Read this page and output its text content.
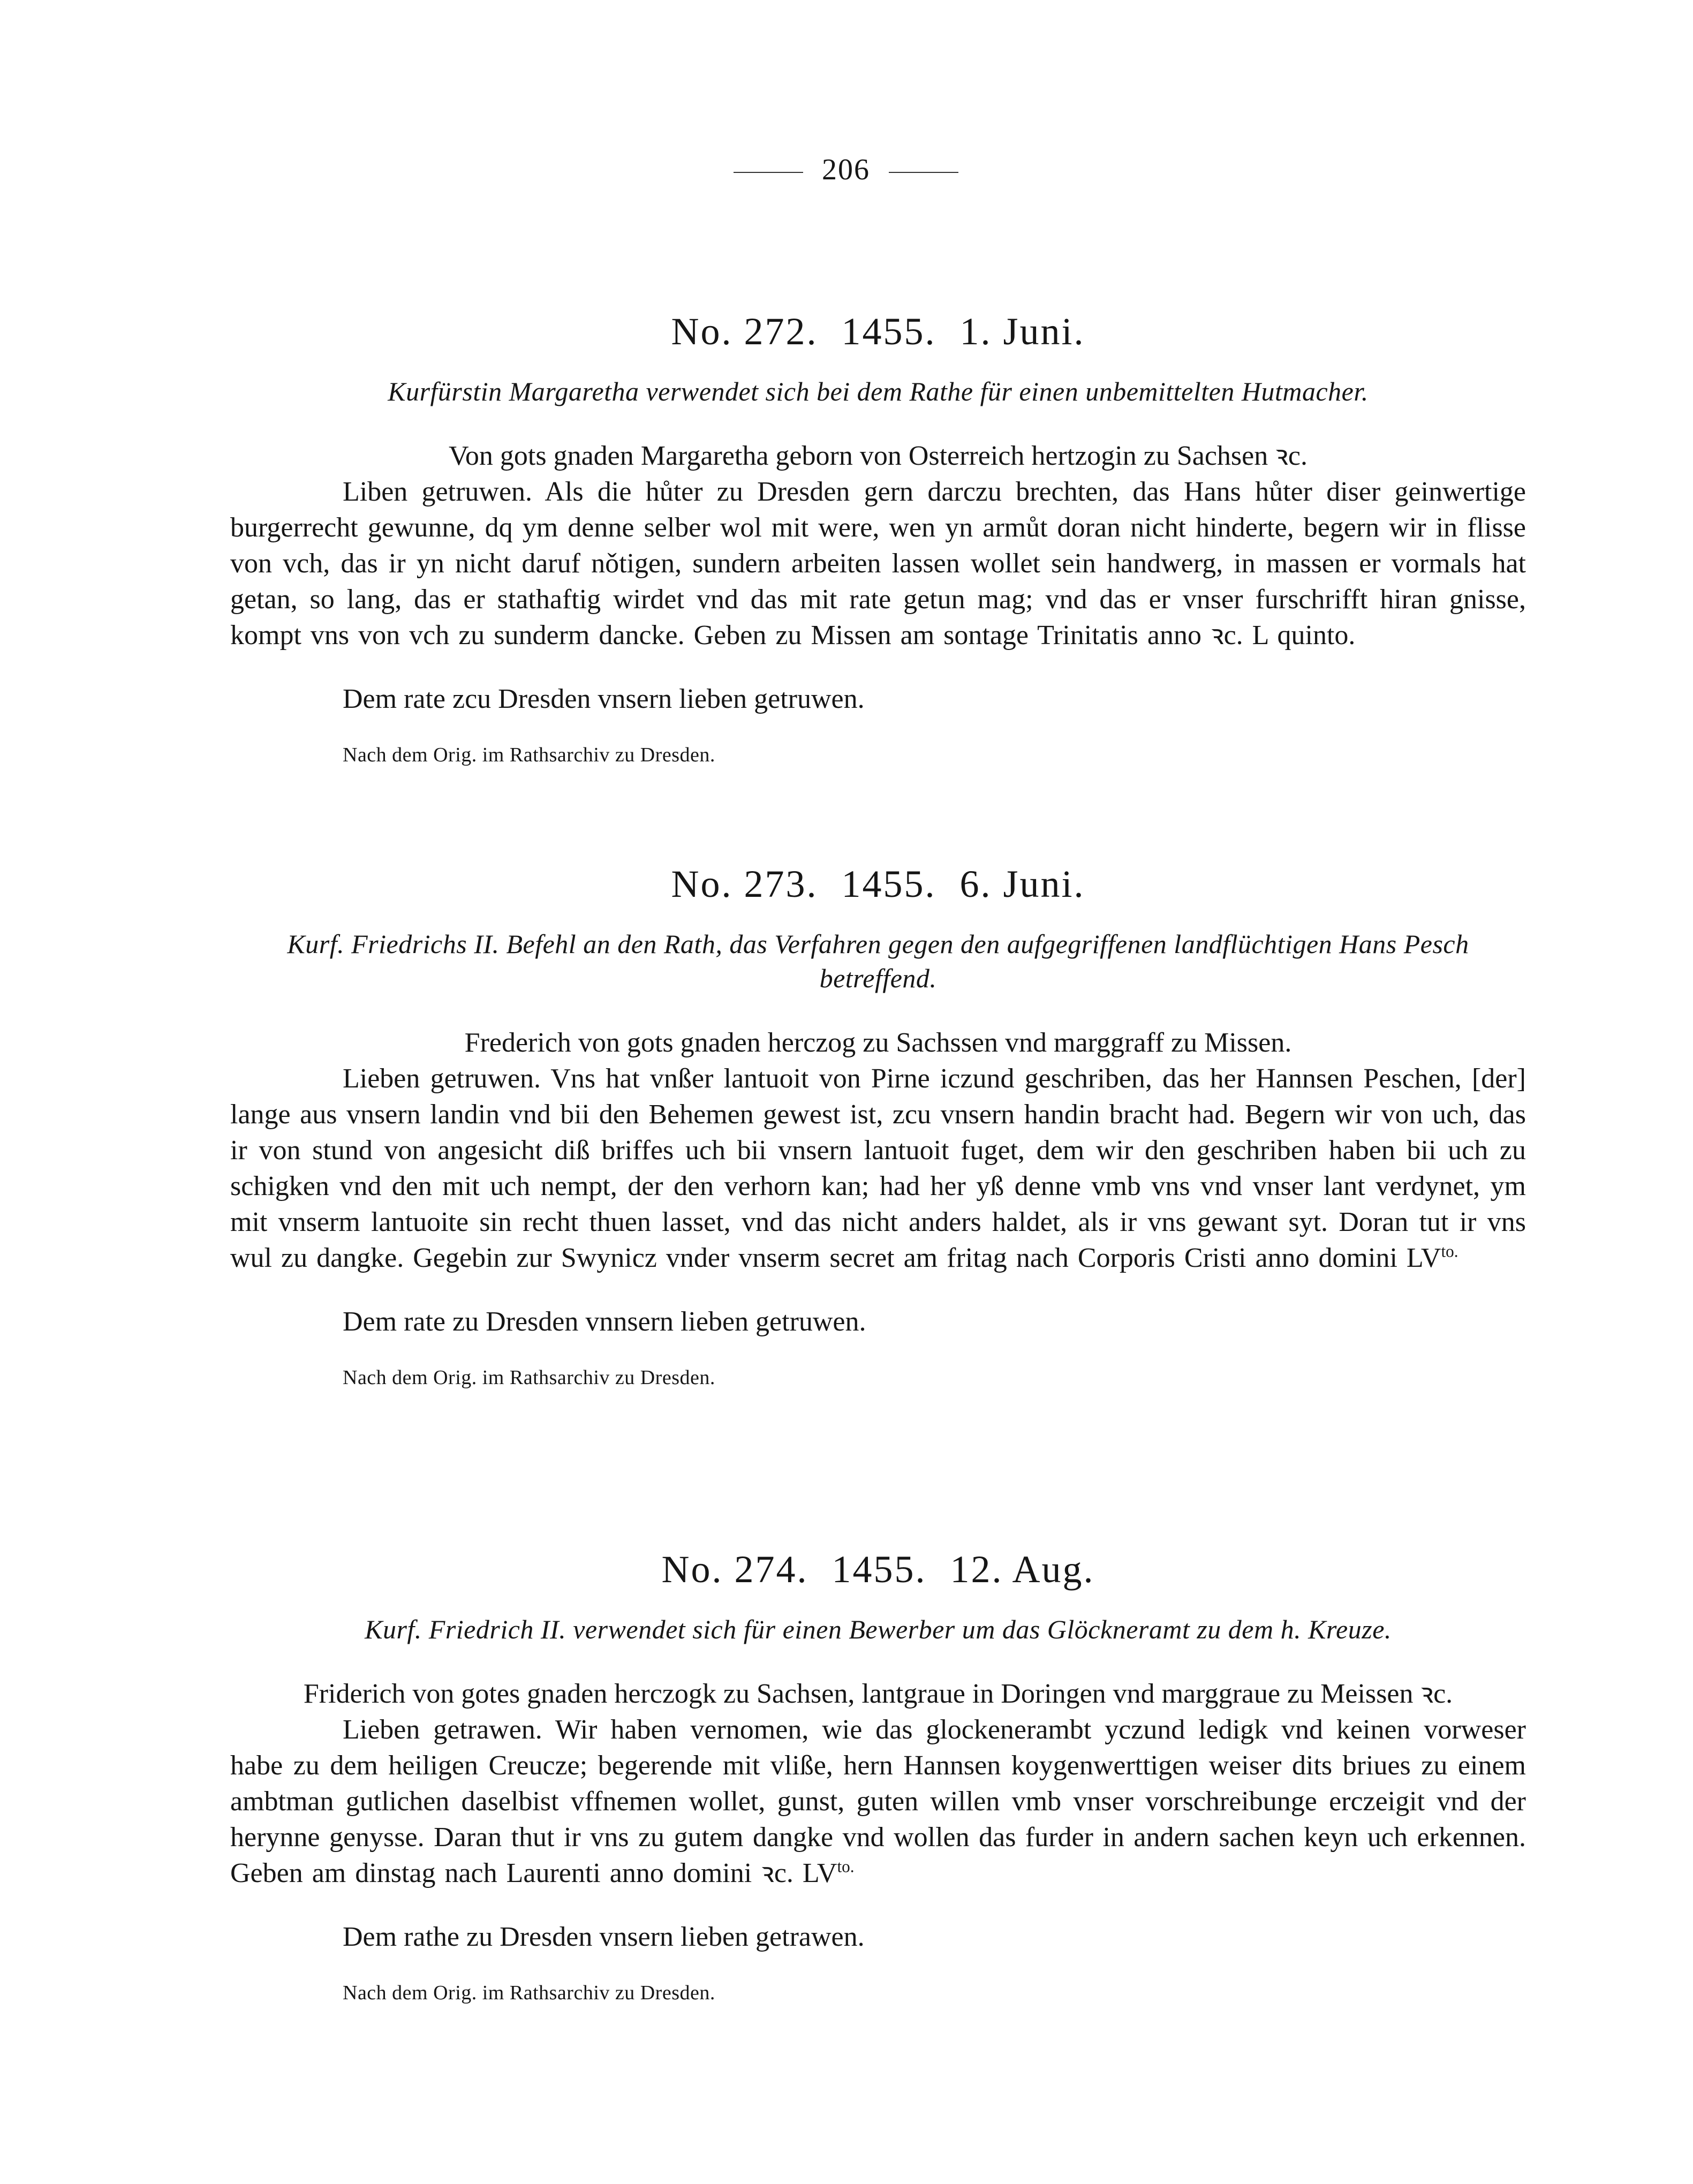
206
No. 272. 1455. 1. Juni.
Kurfürstin Margaretha verwendet sich bei dem Rathe für einen unbemittelten Hutmacher.
Von gots gnaden Margaretha geborn von Osterreich hertzogin zu Sachsen ꝛc.

Liben getruwen. Als die hůter zu Dresden gern darczu brechten, das Hans hůter diser geinwertige burgerrecht gewunne, dq ym denne selber wol mit were, wen yn armůt doran nicht hinderte, begern wir in flisse von vch, das ir yn nicht daruf nǒtigen, sundern arbeiten lassen wollet sein handwerg, in massen er vormals hat getan, so lang, das er stathaftig wirdet vnd das mit rate getun mag; vnd das er vnser furschrifft hiran gnisse, kompt vns von vch zu sunderm dancke. Geben zu Missen am sontage Trinitatis anno ꝛc. L quinto.

Dem rate zcu Dresden vnsern lieben getruwen.
Nach dem Orig. im Rathsarchiv zu Dresden.
No. 273. 1455. 6. Juni.
Kurf. Friedrichs II. Befehl an den Rath, das Verfahren gegen den aufgegriffenen landflüchtigen Hans Pesch betreffend.
Frederich von gots gnaden herczog zu Sachssen vnd marggraff zu Missen.

Lieben getruwen. Vns hat vnßer lantuoit von Pirne iczund geschriben, das her Hannsen Peschen, [der] lange aus vnsern landin vnd bii den Behemen gewest ist, zcu vnsern handin bracht had. Begern wir von uch, das ir von stund von angesicht diß briffes uch bii vnsern lantuoit fuget, dem wir den geschriben haben bii uch zu schigken vnd den mit uch nempt, der den verhorn kan; had her yß denne vmb vns vnd vnser lant verdynet, ym mit vnserm lantuoite sin recht thuen lasset, vnd das nicht anders haldet, als ir vns gewant syt. Doran tut ir vns wul zu dangke. Gegebin zur Swynicz vnder vnserm secret am fritag nach Corporis Cristi anno domini $LV^{to.}$

Dem rate zu Dresden vnnsern lieben getruwen.
Nach dem Orig. im Rathsarchiv zu Dresden.
No. 274. 1455. 12. Aug.
Kurf. Friedrich II. verwendet sich für einen Bewerber um das Glöckneramt zu dem h. Kreuze.
Friderich von gotes gnaden herczogk zu Sachsen, lantgraue in Doringen vnd marggraue zu Meissen ꝛc.

Lieben getrawen. Wir haben vernomen, wie das glockenerambt yczund ledigk vnd keinen vorweser habe zu dem heiligen Creucze; begerende mit vliße, hern Hannsen koygenwerttigen weiser dits briues zu einem ambtman gutlichen daselbist vffnemen wollet, gunst, guten willen vmb vnser vorschreibunge erczeigit vnd der herynne genysse. Daran thut ir vns zu gutem dangke vnd wollen das furder in andern sachen keyn uch erkennen. Geben am dinstag nach Laurenti anno domini ꝛc. $LV^{to.}$

Dem rathe zu Dresden vnsern lieben getrawen.
Nach dem Orig. im Rathsarchiv zu Dresden.
